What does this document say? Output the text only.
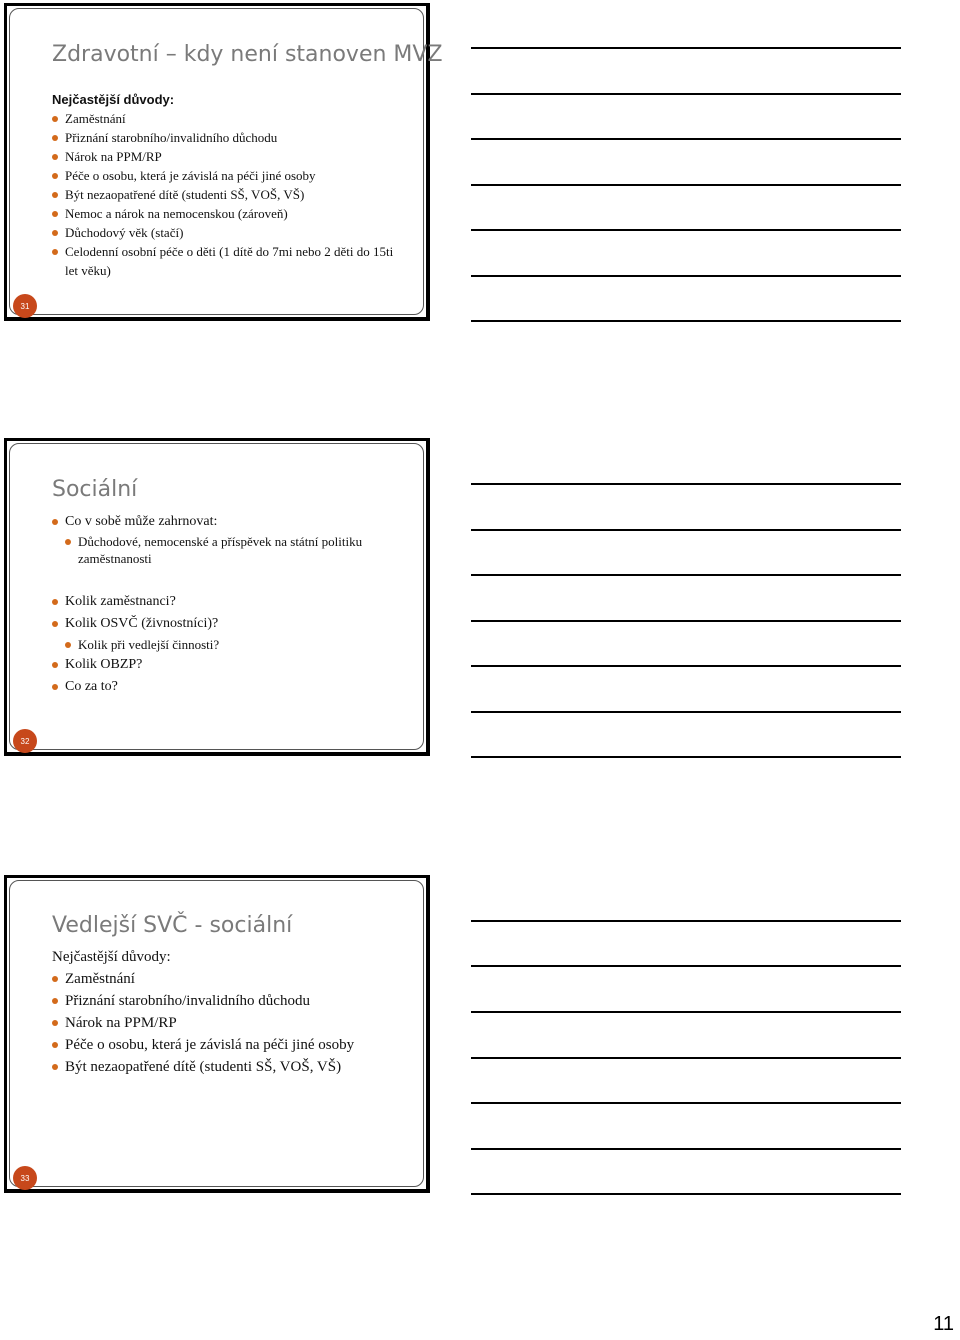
Zdravotní – kdy není stanoven MVZ
Nejčastější důvody:
Zaměstnání
Přiznání starobního/invalidního důchodu
Nárok na PPM/RP
Péče o osobu, která je závislá na péči jiné osoby
Být nezaopatřené dítě (studenti SŠ, VOŠ, VŠ)
Nemoc a nárok na nemocenskou (zároveň)
Důchodový věk (stačí)
Celodenní osobní péče o děti (1 dítě do 7mi nebo 2 děti do 15ti let věku)
31
Sociální
Co v sobě může zahrnovat:
Důchodové, nemocenské a příspěvek na státní politiku zaměstnanosti
Kolik zaměstnanci?
Kolik OSVČ (živnostníci)?
Kolik při vedlejší činnosti?
Kolik OBZP?
Co za to?
32
Vedlejší SVČ - sociální
Nejčastější důvody:
Zaměstnání
Přiznání starobního/invalidního důchodu
Nárok na PPM/RP
Péče o osobu, která je závislá na péči jiné osoby
Být nezaopatřené dítě (studenti SŠ, VOŠ, VŠ)
33
11
